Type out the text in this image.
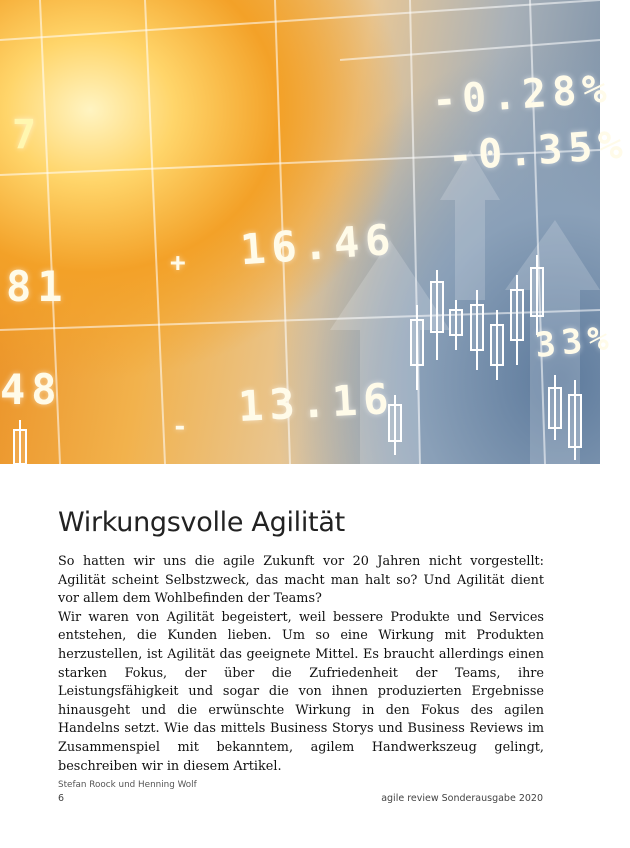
-0.28%
-0.35%
16.46
+
13.16
-
81
48
33%
7
Wirkungsvolle Agilität

So hatten wir uns die agile Zukunft vor 20 Jahren nicht vorgestellt: Agilität scheint Selbstzweck, das macht man halt so? Und Agilität dient vor allem dem Wohlbefinden der Teams?

Wir waren von Agilität begeistert, weil bessere Produkte und Services entstehen, die Kunden lieben. Um so eine Wirkung mit Produkten herzustellen, ist Agilität das geeignete Mittel. Es braucht allerdings einen starken Fokus, der über die Zufriedenheit der Teams, ihre Leistungsfähigkeit und sogar die von ihnen produzierten Ergebnisse hinausgeht und die erwünschte Wirkung in den Fokus des agilen Handelns setzt. Wie das mittels Business Storys und Business Reviews im Zusammenspiel mit bekanntem, agilem Handwerkszeug gelingt, beschreiben wir in diesem Artikel.

Stefan Roock und Henning Wolf
6	agile review Sonderausgabe 2020
